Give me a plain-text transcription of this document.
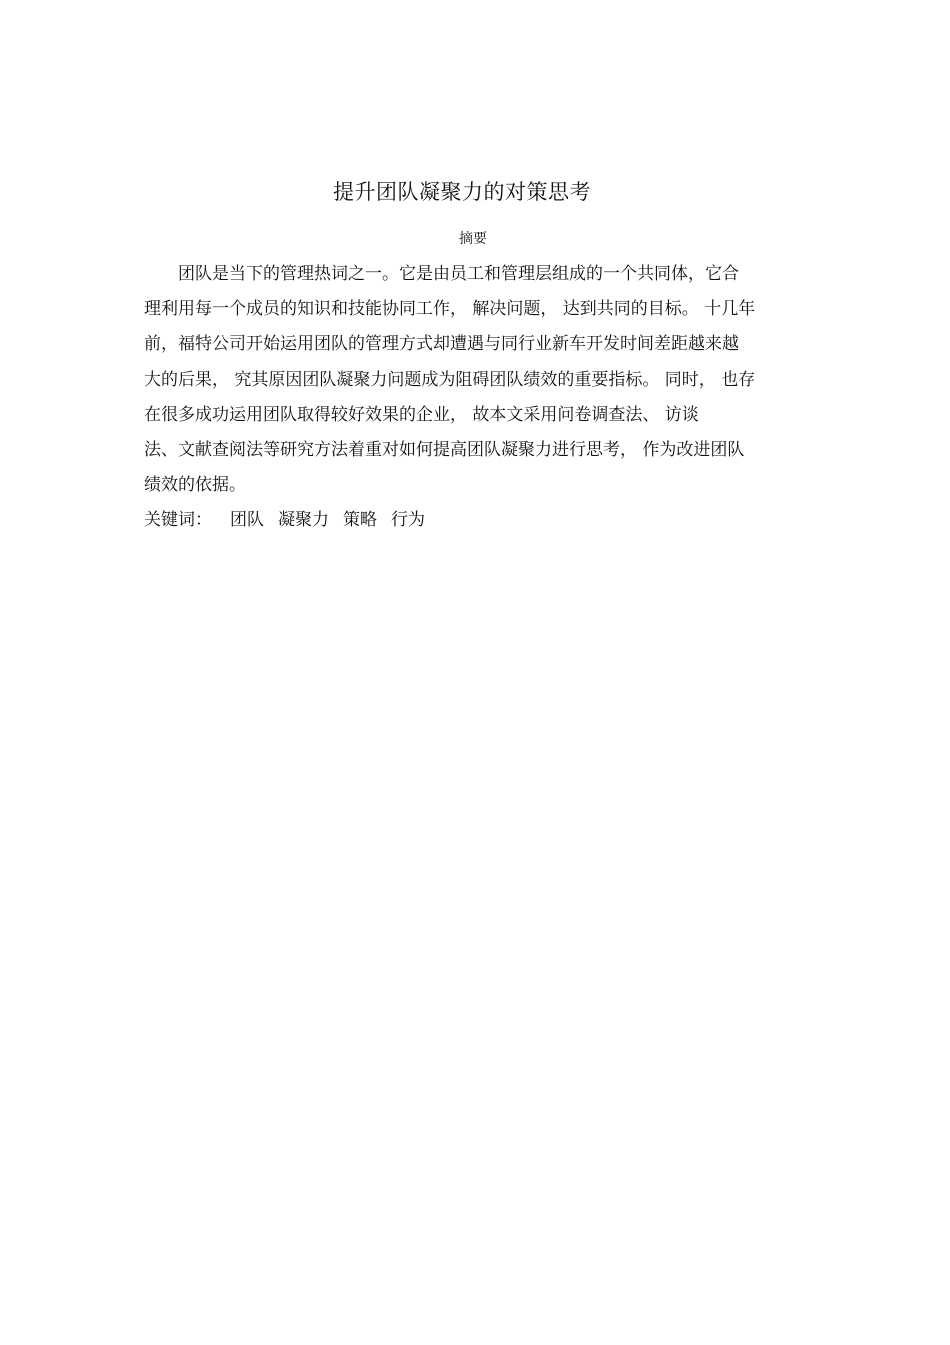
提升团队凝聚力的对策思考
摘要
团队是当下的管理热词之一。它是由员工和管理层组成的一个共同体，它合
理利用每一个成员的知识和技能协同工作， 解决问题， 达到共同的目标。 十几年
前，福特公司开始运用团队的管理方式却遭遇与同行业新车开发时间差距越来越
大的后果， 究其原因团队凝聚力问题成为阻碍团队绩效的重要指标。 同时， 也存
在很多成功运用团队取得较好效果的企业， 故本文采用问卷调查法、 访谈
法、文献查阅法等研究方法着重对如何提高团队凝聚力进行思考， 作为改进团队
绩效的依据。
关键词： 团队 凝聚力 策略 行为
